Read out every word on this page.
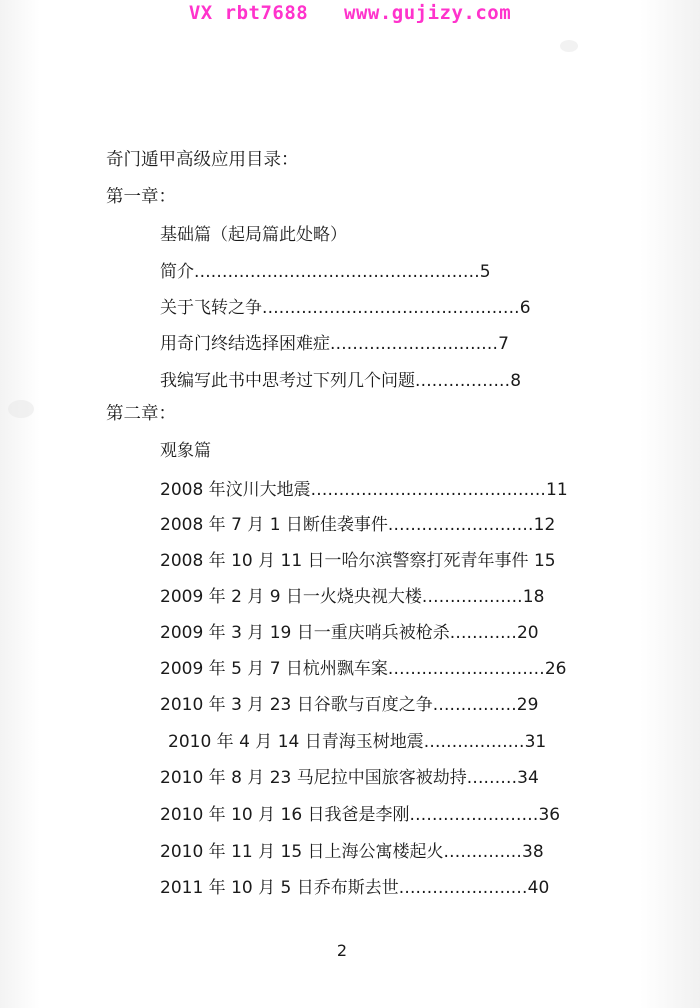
VX rbt7688   www.gujizy.com
奇门遁甲高级应用目录：
第一章：
基础篇（起局篇此处略）
简介...................................................5
关于飞转之争..............................................6
用奇门终结选择困难症..............................7
我编写此书中思考过下列几个问题.................8
第二章：
观象篇
2008 年汶川大地震..........................................11
2008 年 7 月 1 日断佳袭事件..........................12
2008 年 10 月 11 日一哈尔滨警察打死青年事件 15
2009 年 2 月 9 日一火烧央视大楼..................18
2009 年 3 月 19 日一重庆哨兵被枪杀............20
2009 年 5 月 7 日杭州飘车案............................26
2010 年 3 月 23 日谷歌与百度之争...............29
2010 年 4 月 14 日青海玉树地震..................31
2010 年 8 月 23 马尼拉中国旅客被劫持.........34
2010 年 10 月 16 日我爸是李刚.......................36
2010 年 11 月 15 日上海公寓楼起火..............38
2011 年 10 月 5 日乔布斯去世.......................40
2
